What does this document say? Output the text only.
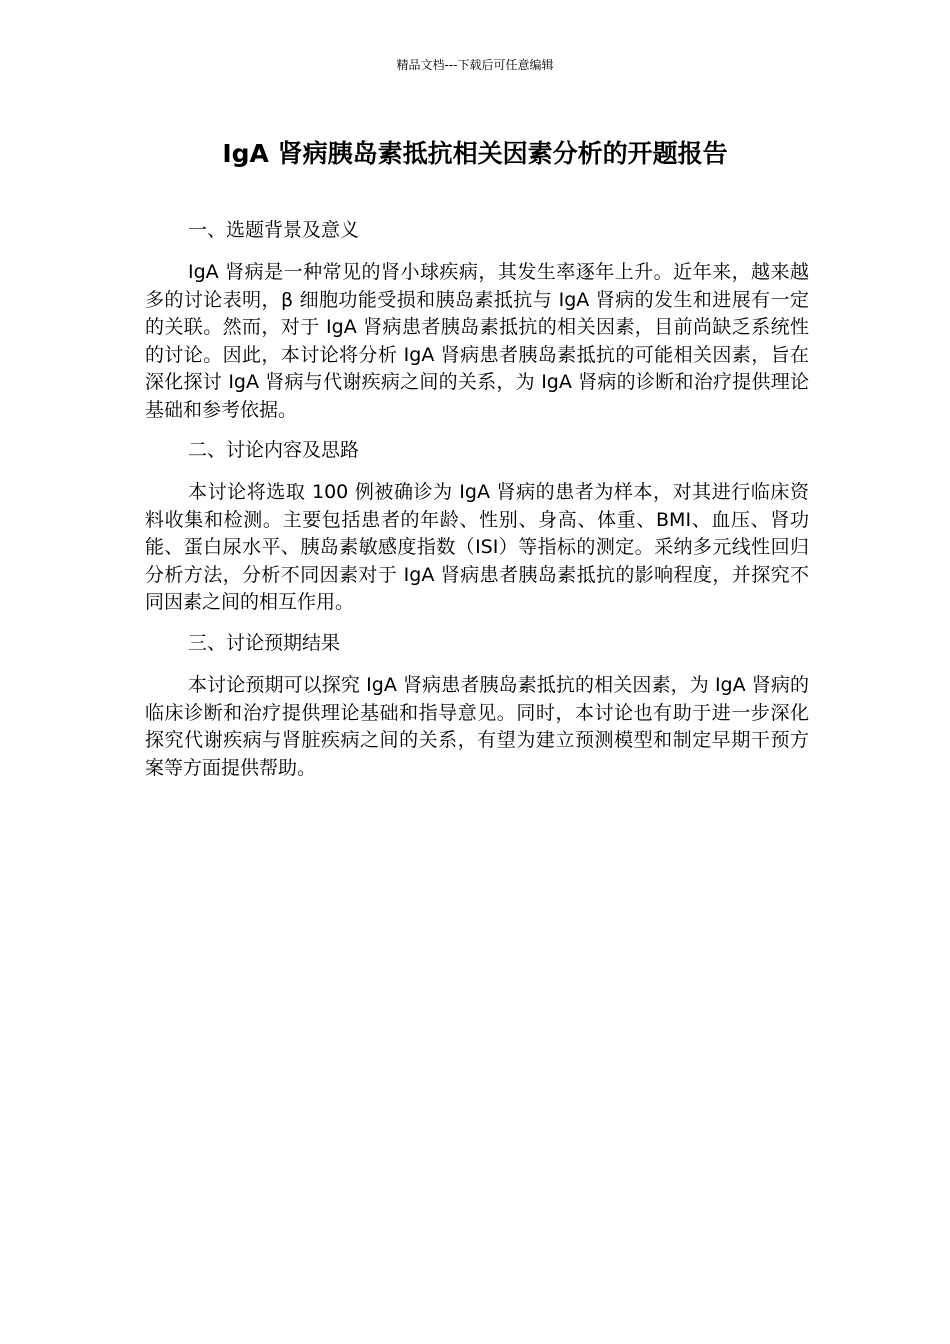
精品文档---下载后可任意编辑
IgA 肾病胰岛素抵抗相关因素分析的开题报告
一、选题背景及意义

IgA 肾病是一种常见的肾小球疾病，其发生率逐年上升。近年来，越来越多的讨论表明，β 细胞功能受损和胰岛素抵抗与 IgA 肾病的发生和进展有一定的关联。然而，对于 IgA 肾病患者胰岛素抵抗的相关因素，目前尚缺乏系统性的讨论。因此，本讨论将分析 IgA 肾病患者胰岛素抵抗的可能相关因素，旨在深化探讨 IgA 肾病与代谢疾病之间的关系，为 IgA 肾病的诊断和治疗提供理论基础和参考依据。

二、讨论内容及思路

本讨论将选取 100 例被确诊为 IgA 肾病的患者为样本，对其进行临床资料收集和检测。主要包括患者的年龄、性别、身高、体重、BMI、血压、肾功能、蛋白尿水平、胰岛素敏感度指数（ISI）等指标的测定。采纳多元线性回归分析方法，分析不同因素对于 IgA 肾病患者胰岛素抵抗的影响程度，并探究不同因素之间的相互作用。

三、讨论预期结果

本讨论预期可以探究 IgA 肾病患者胰岛素抵抗的相关因素，为 IgA 肾病的临床诊断和治疗提供理论基础和指导意见。同时，本讨论也有助于进一步深化探究代谢疾病与肾脏疾病之间的关系，有望为建立预测模型和制定早期干预方案等方面提供帮助。
